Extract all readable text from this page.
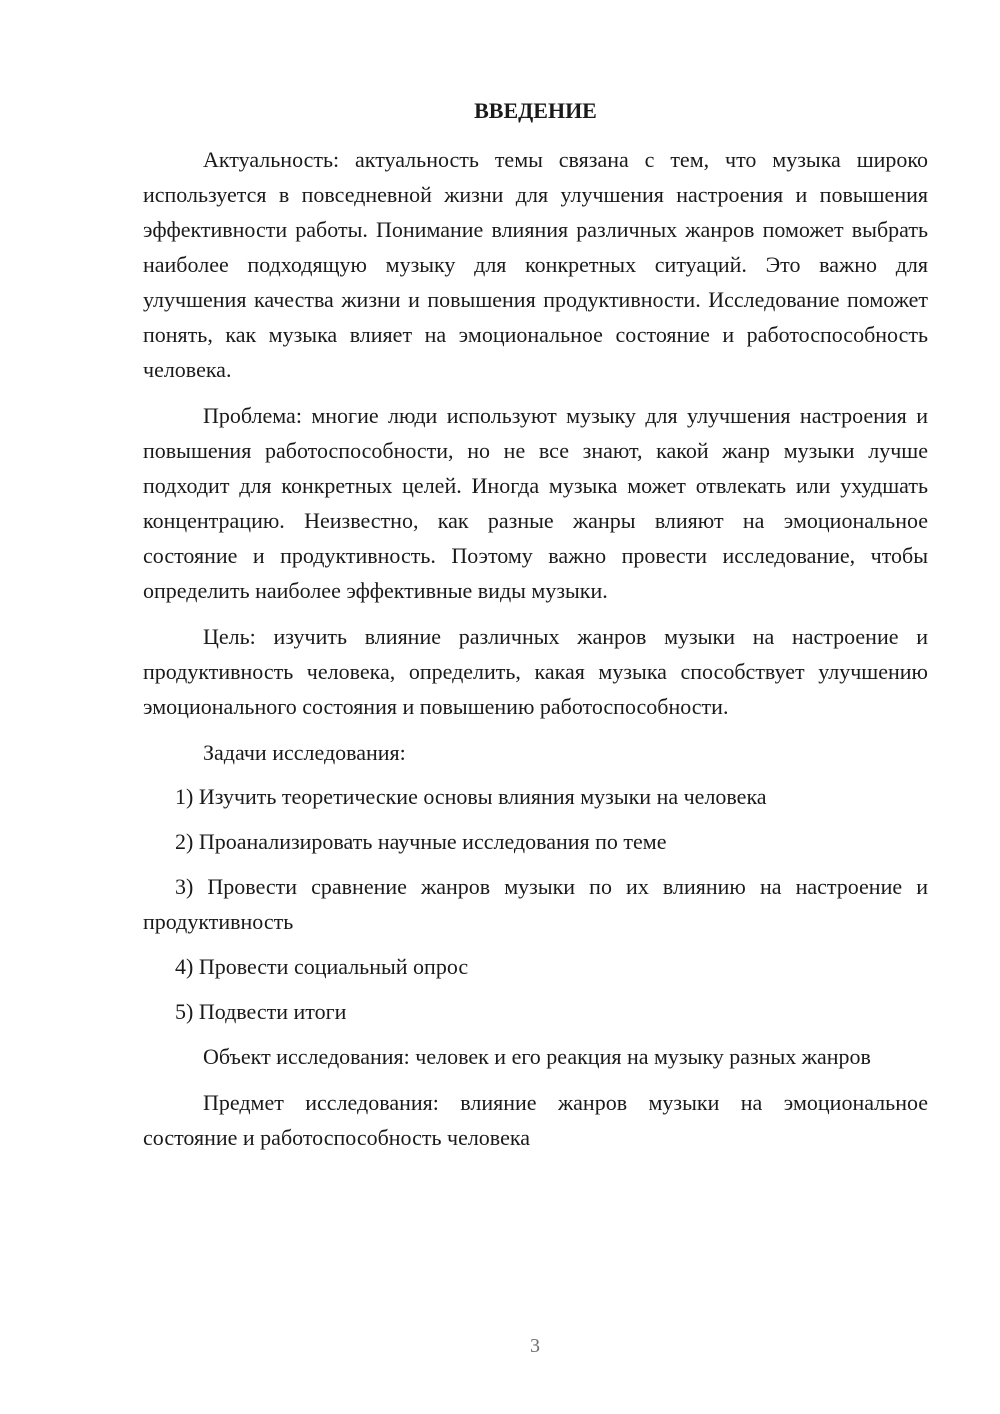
ВВЕДЕНИЕ

Актуальность: актуальность темы связана с тем, что музыка широко используется в повседневной жизни для улучшения настроения и повышения эффективности работы. Понимание влияния различных жанров поможет выбрать наиболее подходящую музыку для конкретных ситуаций. Это важно для улучшения качества жизни и повышения продуктивности. Исследование поможет понять, как музыка влияет на эмоциональное состояние и работоспособность человека.

Проблема: многие люди используют музыку для улучшения настроения и повышения работоспособности, но не все знают, какой жанр музыки лучше подходит для конкретных целей. Иногда музыка может отвлекать или ухудшать концентрацию. Неизвестно, как разные жанры влияют на эмоциональное состояние и продуктивность. Поэтому важно провести исследование, чтобы определить наиболее эффективные виды музыки.

Цель: изучить влияние различных жанров музыки на настроение и продуктивность человека, определить, какая музыка способствует улучшению эмоционального состояния и повышению работоспособности.

Задачи исследования:

1) Изучить теоретические основы влияния музыки на человека

2) Проанализировать научные исследования по теме

3) Провести сравнение жанров музыки по их влиянию на настроение и продуктивность

4) Провести социальный опрос

5) Подвести итоги

Объект исследования: человек и его реакция на музыку разных жанров

Предмет исследования: влияние жанров музыки на эмоциональное состояние и работоспособность человека

3
